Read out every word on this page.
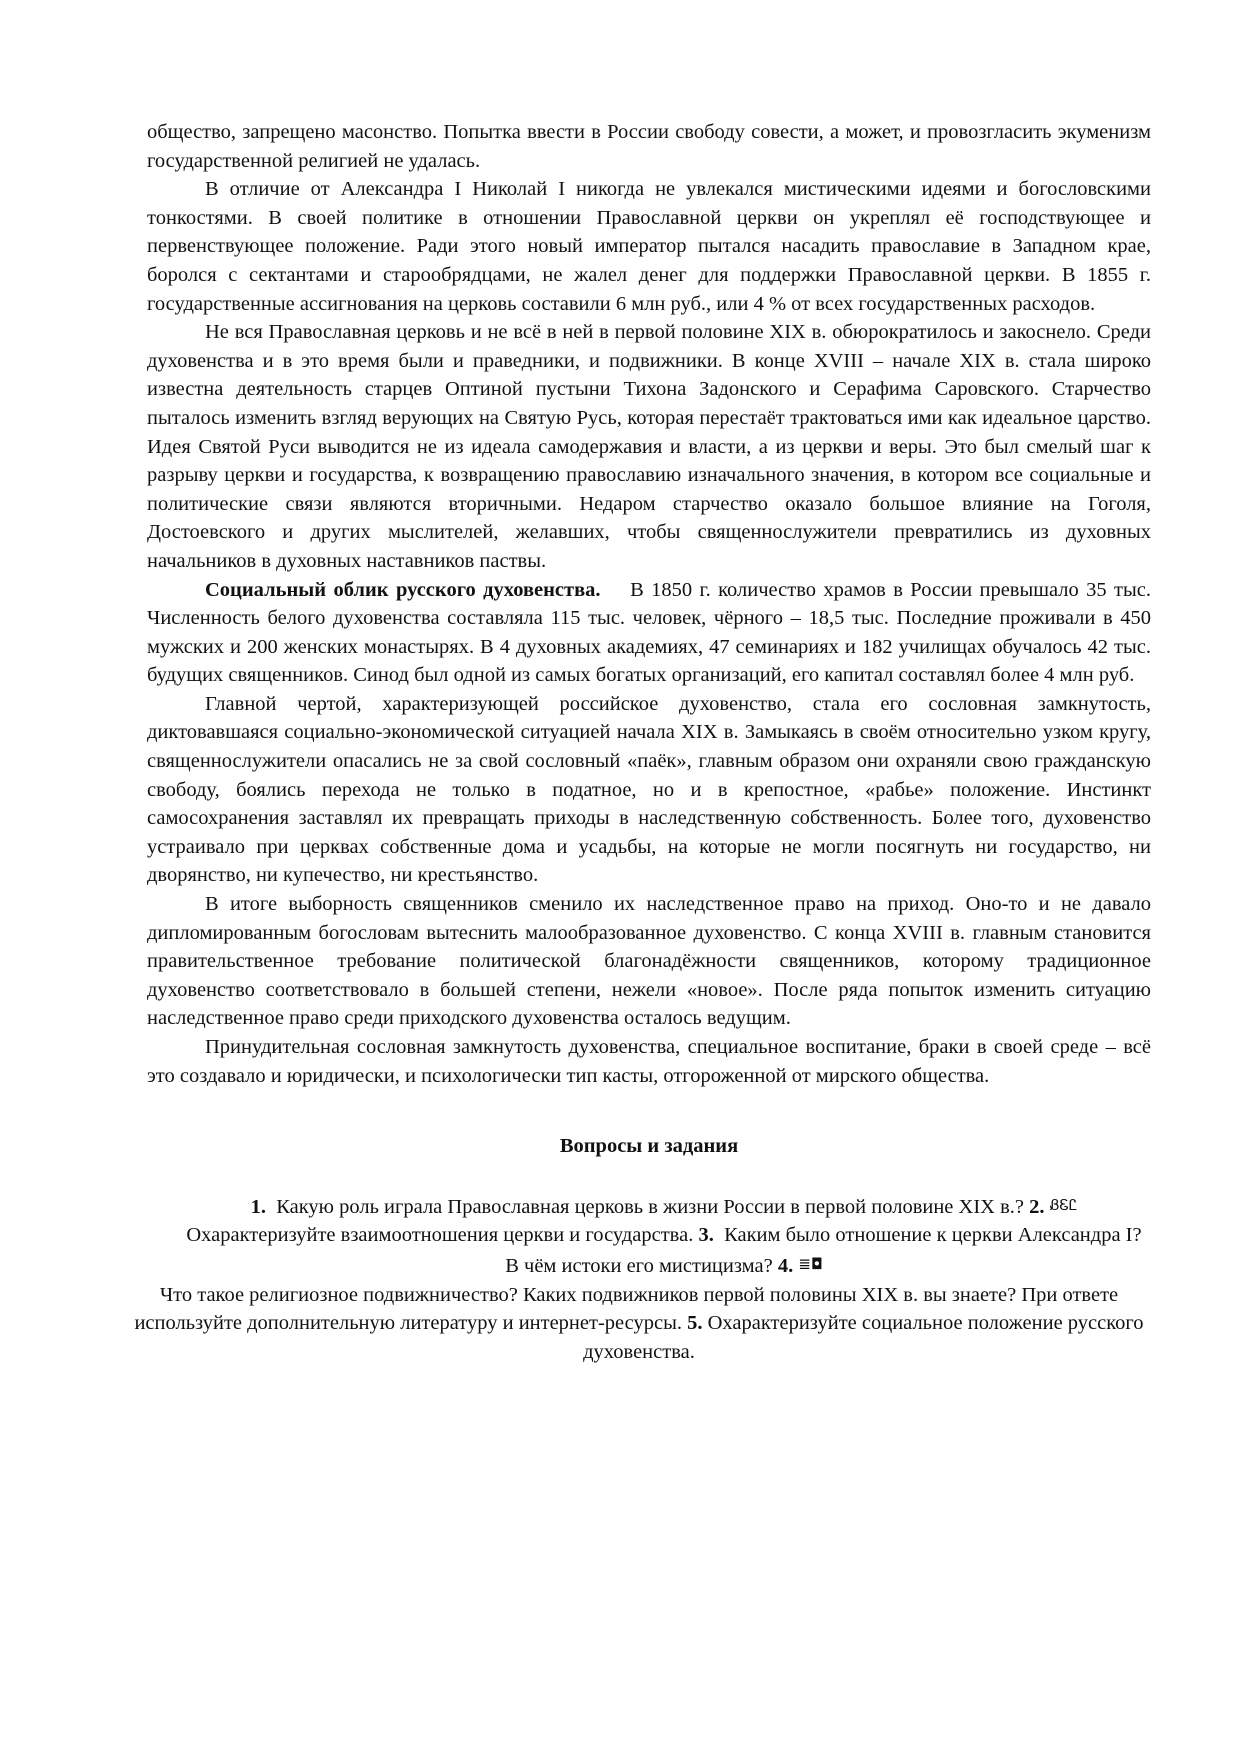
общество, запрещено масонство. Попытка ввести в России свободу совести, а может, и провозгласить экуменизм государственной религией не удалась.

В отличие от Александра I Николай I никогда не увлекался мистическими идеями и богословскими тонкостями. В своей политике в отношении Православной церкви он укреплял её господствующее и первенствующее положение. Ради этого новый император пытался насадить православие в Западном крае, боролся с сектантами и старообрядцами, не жалел денег для поддержки Православной церкви. В 1855 г. государственные ассигнования на церковь составили 6 млн руб., или 4 % от всех государственных расходов.

Не вся Православная церковь и не всё в ней в первой половине XIX в. обюрократилось и закоснело. Среди духовенства и в это время были и праведники, и подвижники. В конце XVIII – начале XIX в. стала широко известна деятельность старцев Оптиной пустыни Тихона Задонского и Серафима Саровского. Старчество пыталось изменить взгляд верующих на Святую Русь, которая перестаёт трактоваться ими как идеальное царство. Идея Святой Руси выводится не из идеала самодержавия и власти, а из церкви и веры. Это был смелый шаг к разрыву церкви и государства, к возвращению православию изначального значения, в котором все социальные и политические связи являются вторичными. Недаром старчество оказало большое влияние на Гоголя, Достоевского и других мыслителей, желавших, чтобы священнослужители превратились из духовных начальников в духовных наставников паствы.

Социальный облик русского духовенства. В 1850 г. количество храмов в России превышало 35 тыс. Численность белого духовенства составляла 115 тыс. человек, чёрного – 18,5 тыс. Последние проживали в 450 мужских и 200 женских монастырях. В 4 духовных академиях, 47 семинариях и 182 училищах обучалось 42 тыс. будущих священников. Синод был одной из самых богатых организаций, его капитал составлял более 4 млн руб.

Главной чертой, характеризующей российское духовенство, стала его сословная замкнутость, диктовавшаяся социально-экономической ситуацией начала XIX в. Замыкаясь в своём относительно узком кругу, священнослужители опасались не за свой сословный «паёк», главным образом они охраняли свою гражданскую свободу, боялись перехода не только в податное, но и в крепостное, «рабье» положение. Инстинкт самосохранения заставлял их превращать приходы в наследственную собственность. Более того, духовенство устраивало при церквах собственные дома и усадьбы, на которые не могли посягнуть ни государство, ни дворянство, ни купечество, ни крестьянство.

В итоге выборность священников сменило их наследственное право на приход. Оно-то и не давало дипломированным богословам вытеснить малообразованное духовенство. С конца XVIII в. главным становится правительственное требование политической благонадёжности священников, которому традиционное духовенство соответствовало в большей степени, нежели «новое». После ряда попыток изменить ситуацию наследственное право среди приходского духовенства осталось ведущим.

Принудительная сословная замкнутость духовенства, специальное воспитание, браки в своей среде – всё это создавало и юридически, и психологически тип касты, отгороженной от мирского общества.

Вопросы и задания
1. Какую роль играла Православная церковь в жизни России в первой половине XIX в.? 2. ᏰᏋᏝ
Охарактеризуйте взаимоотношения церкви и государства. 3. Каким было отношение к церкви Александра I? В чём истоки его мистицизма? 4. ≣◘
Что такое религиозное подвижничество? Каких подвижников первой половины XIX в. вы знаете? При ответе используйте дополнительную литературу и интернет-ресурсы. 5. Охарактеризуйте социальное положение русского духовенства.
